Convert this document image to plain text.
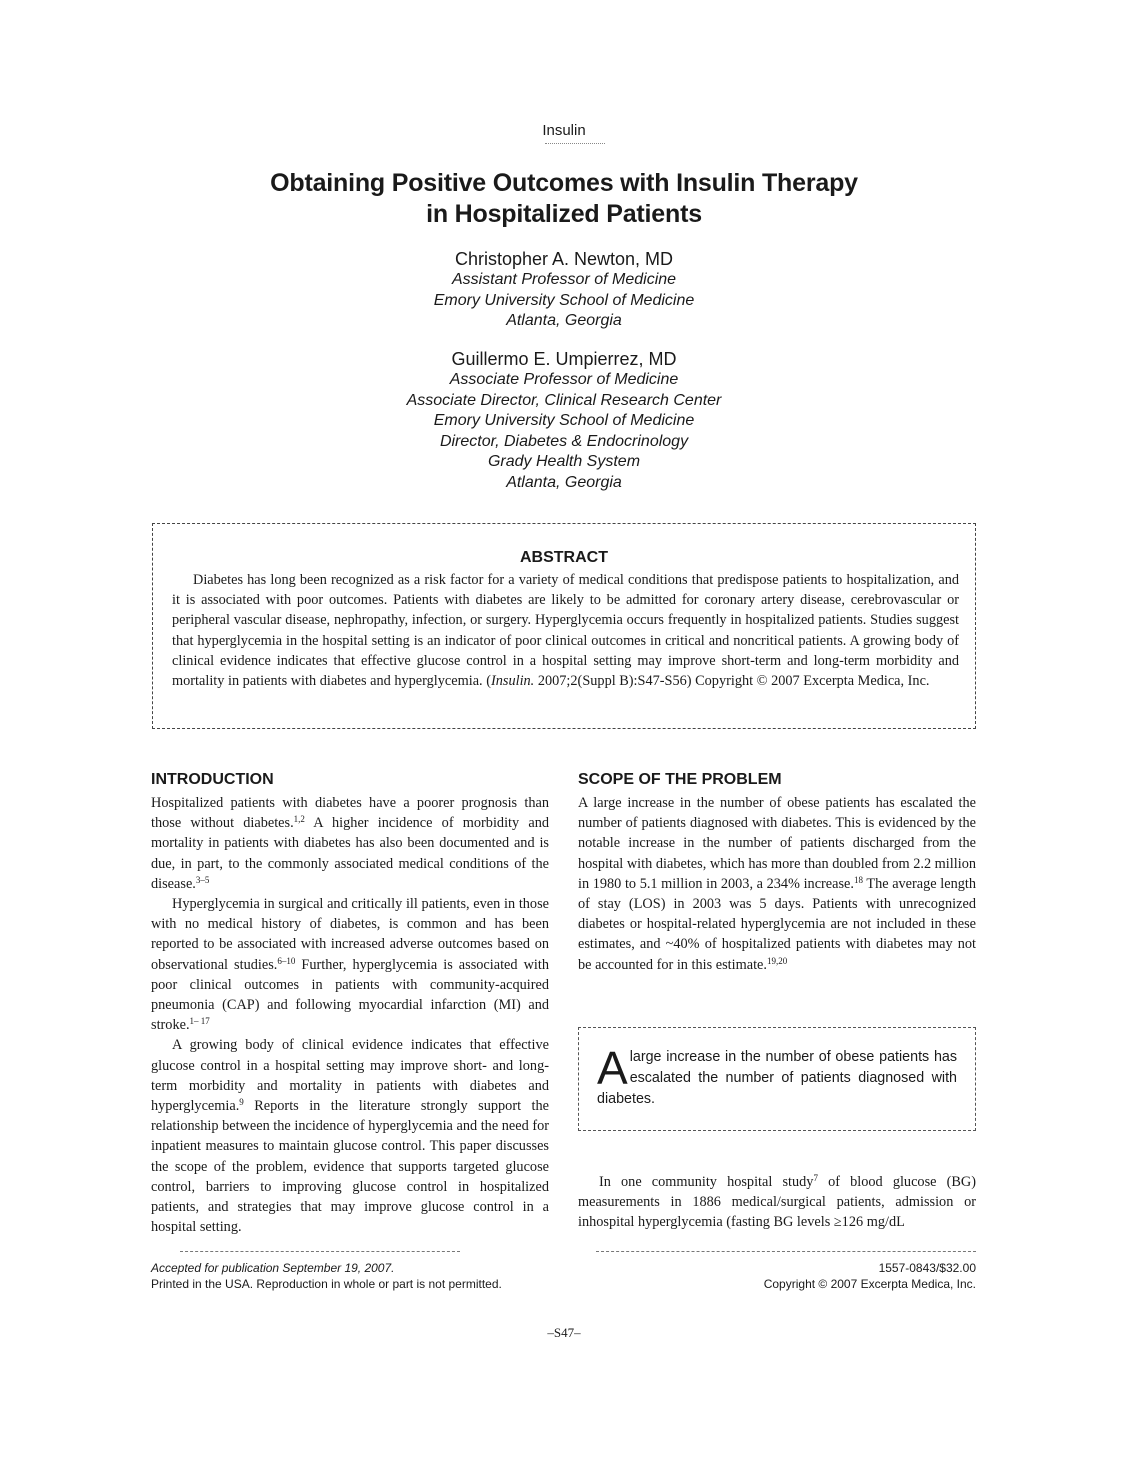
Insulin
Obtaining Positive Outcomes with Insulin Therapy
in Hospitalized Patients
Christopher A. Newton, MD
Assistant Professor of Medicine
Emory University School of Medicine
Atlanta, Georgia
Guillermo E. Umpierrez, MD
Associate Professor of Medicine
Associate Director, Clinical Research Center
Emory University School of Medicine
Director, Diabetes & Endocrinology
Grady Health System
Atlanta, Georgia
ABSTRACT
Diabetes has long been recognized as a risk factor for a variety of medical conditions that predispose patients to hospitalization, and it is associated with poor outcomes. Patients with diabetes are likely to be admitted for coronary artery disease, cerebrovascular or peripheral vascular disease, nephropathy, infection, or surgery. Hyperglycemia occurs frequently in hospitalized patients. Studies suggest that hyperglycemia in the hospital setting is an indicator of poor clinical outcomes in critical and noncritical patients. A growing body of clinical evidence indicates that effective glucose control in a hospital setting may improve short-term and long-term morbidity and mortality in patients with diabetes and hyperglycemia. (Insulin. 2007;2(Suppl B):S47-S56) Copyright © 2007 Excerpta Medica, Inc.
INTRODUCTION

Hospitalized patients with diabetes have a poorer prognosis than those without diabetes.$^{1,2}$ A higher incidence of morbidity and mortality in patients with diabetes has also been documented and is due, in part, to the commonly associated medical conditions of the disease.$^{3-5}$

Hyperglycemia in surgical and critically ill patients, even in those with no medical history of diabetes, is common and has been reported to be associated with increased adverse outcomes based on observational studies.$^{6-10}$ Further, hyperglycemia is associated with poor clinical outcomes in patients with community-acquired pneumonia (CAP) and following myocardial infarction (MI) and stroke.$^{1- 17}$

A growing body of clinical evidence indicates that effective glucose control in a hospital setting may improve short- and long-term morbidity and mortality in patients with diabetes and hyperglycemia.$^9$ Reports in the literature strongly support the relationship between the incidence of hyperglycemia and the need for inpatient measures to maintain glucose control. This paper discusses the scope of the problem, evidence that supports targeted glucose control, barriers to improving glucose control in hospitalized patients, and strategies that may improve glucose control in a hospital setting.

SCOPE OF THE PROBLEM

A large increase in the number of obese patients has escalated the number of patients diagnosed with diabetes. This is evidenced by the notable increase in the number of patients discharged from the hospital with diabetes, which has more than doubled from 2.2 million in 1980 to 5.1 million in 2003, a 234% increase.$^{18}$ The average length of stay (LOS) in 2003 was 5 days. Patients with unrecognized diabetes or hospital-related hyperglycemia are not included in these estimates, and ~40% of hospitalized patients with diabetes may not be accounted for in this estimate.$^{19,20}$

Alarge increase in the number of obese patients has escalated the number of patients diagnosed with diabetes.

In one community hospital study$^7$ of blood glucose (BG) measurements in 1886 medical/surgical patients, admission or inhospital hyperglycemia (fasting BG levels ≥126 mg/dL

Accepted for publication September 19, 2007.
Printed in the USA. Reproduction in whole or part is not permitted.
1557-0843/$32.00
Copyright © 2007 Excerpta Medica, Inc.
–S47–
